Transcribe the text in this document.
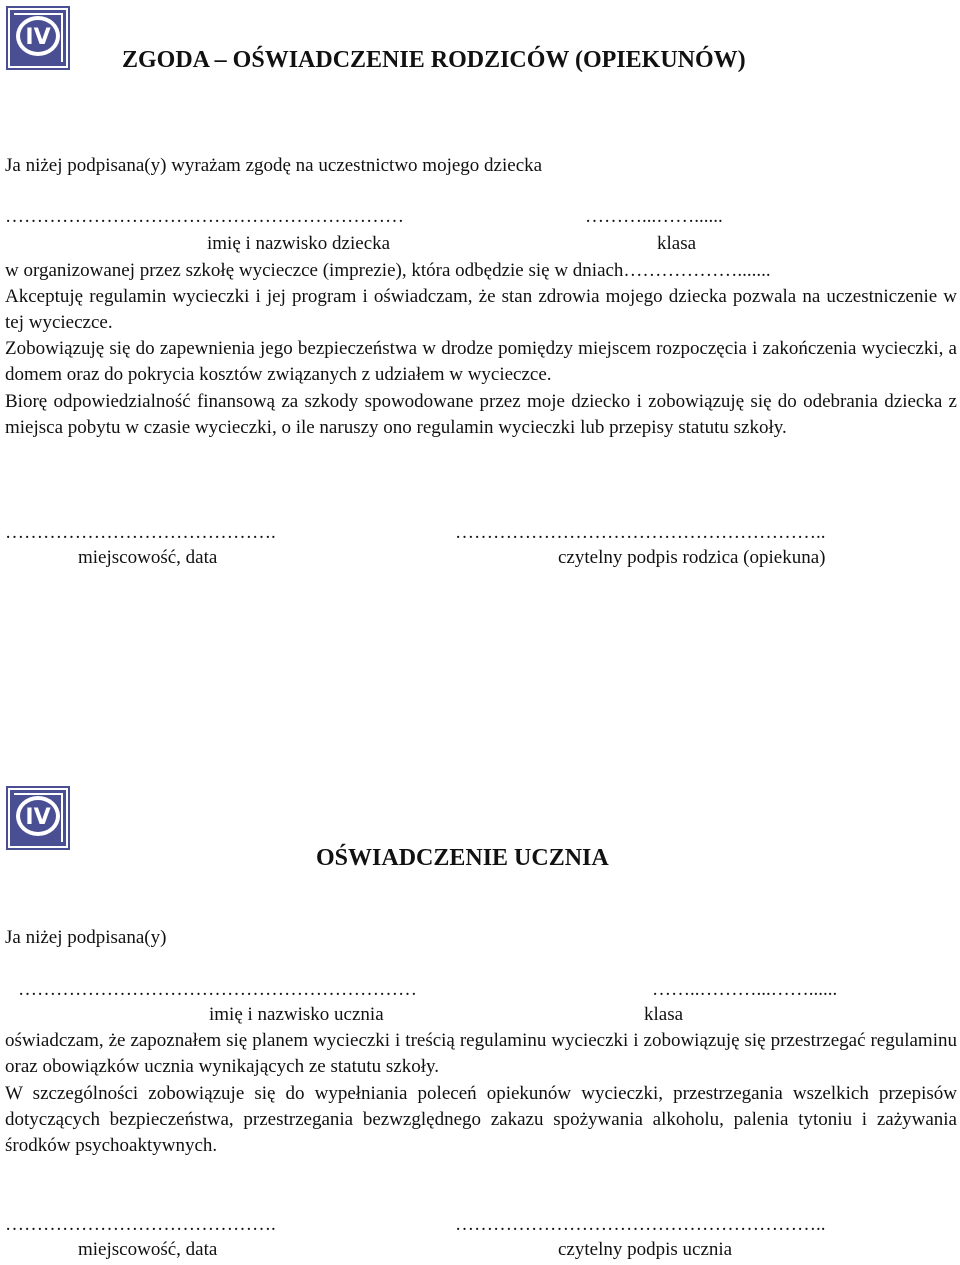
IV
ZGODA – OŚWIADCZENIE RODZICÓW (OPIEKUNÓW)
Ja niżej podpisana(y) wyrażam zgodę na uczestnictwo mojego dziecka
………………………………………………………	………...……......
imię i nazwisko dziecka	klasa
w organizowanej przez szkołę wycieczce (imprezie), która odbędzie się w dniach……………….......
Akceptuję regulamin wycieczki i jej program i oświadczam, że stan zdrowia mojego dziecka pozwala na uczestniczenie w tej wycieczce.
Zobowiązuję się do zapewnienia jego bezpieczeństwa w drodze pomiędzy miejscem rozpoczęcia i zakończenia wycieczki, a domem oraz do pokrycia kosztów związanych z udziałem w wycieczce.
Biorę odpowiedzialność finansową za szkody spowodowane przez moje dziecko i zobowiązuję się do odebrania dziecka z miejsca pobytu w czasie wycieczki, o ile naruszy ono regulamin wycieczki lub przepisy statutu szkoły.
…………………………………….	…………………………………………………..
miejscowość, data	czytelny podpis rodzica (opiekuna)
IV
OŚWIADCZENIE UCZNIA
Ja niżej podpisana(y)
………………………………………………………	……..………...……......
imię i nazwisko ucznia	klasa
oświadczam, że zapoznałem się planem wycieczki i treścią regulaminu wycieczki i zobowiązuję się przestrzegać regulaminu oraz obowiązków ucznia wynikających ze statutu szkoły.
W szczególności zobowiązuje się do wypełniania poleceń opiekunów wycieczki, przestrzegania wszelkich przepisów dotyczących bezpieczeństwa, przestrzegania bezwzględnego zakazu spożywania alkoholu, palenia tytoniu i zażywania środków psychoaktywnych.
…………………………………….	…………………………………………………..
miejscowość, data	czytelny podpis ucznia
